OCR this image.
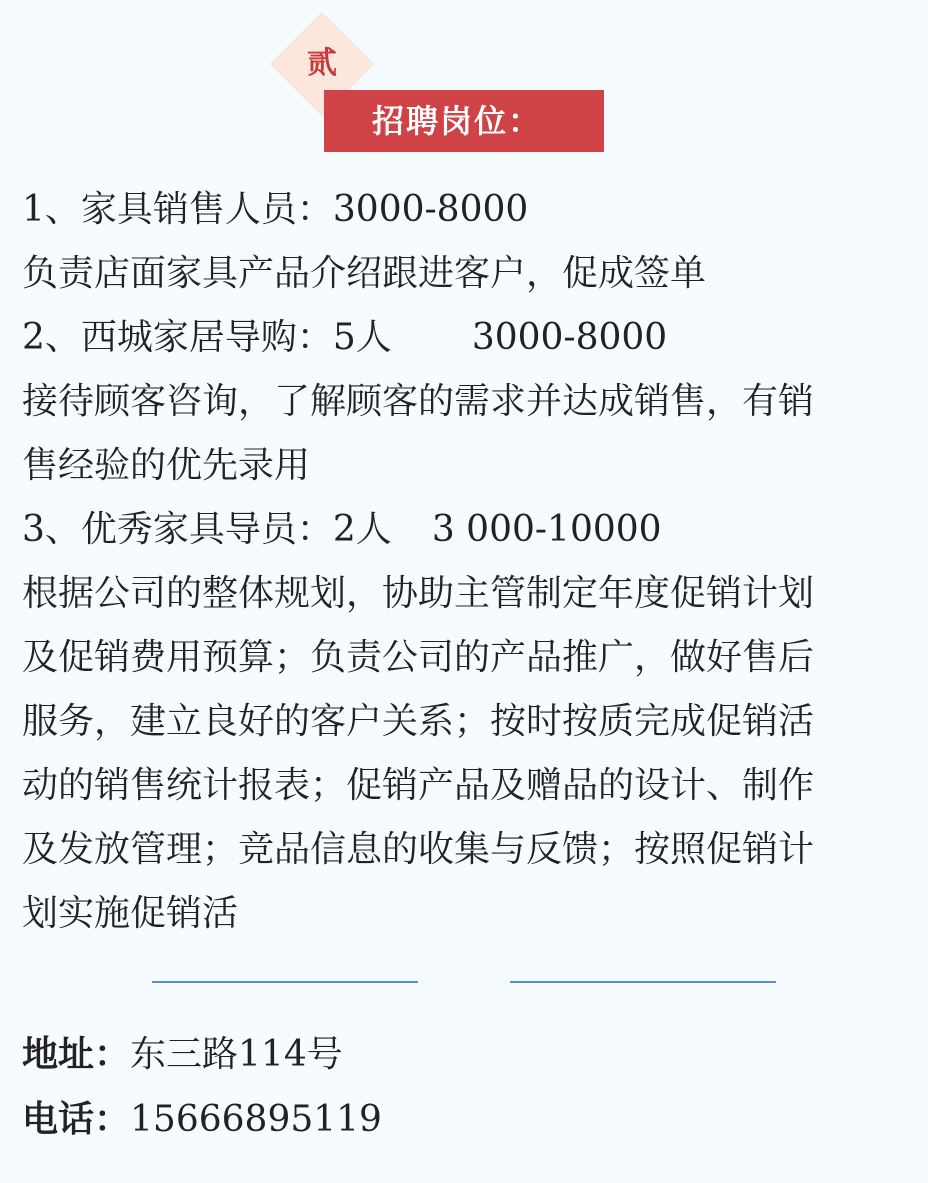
贰
招聘岗位：
1、家具销售人员：3000-8000
负责店面家具产品介绍跟进客户，促成签单
2、西城家居导购：5人 3000-8000
接待顾客咨询，了解顾客的需求并达成销售，有销
售经验的优先录用
3、优秀家具导员：2人 3 000-10000
根据公司的整体规划，协助主管制定年度促销计划
及促销费用预算；负责公司的产品推广，做好售后
服务，建立良好的客户关系；按时按质完成促销活
动的销售统计报表；促销产品及赠品的设计、制作
及发放管理；竞品信息的收集与反馈；按照促销计
划实施促销活
地址：东三路114号
电话：15666895119
